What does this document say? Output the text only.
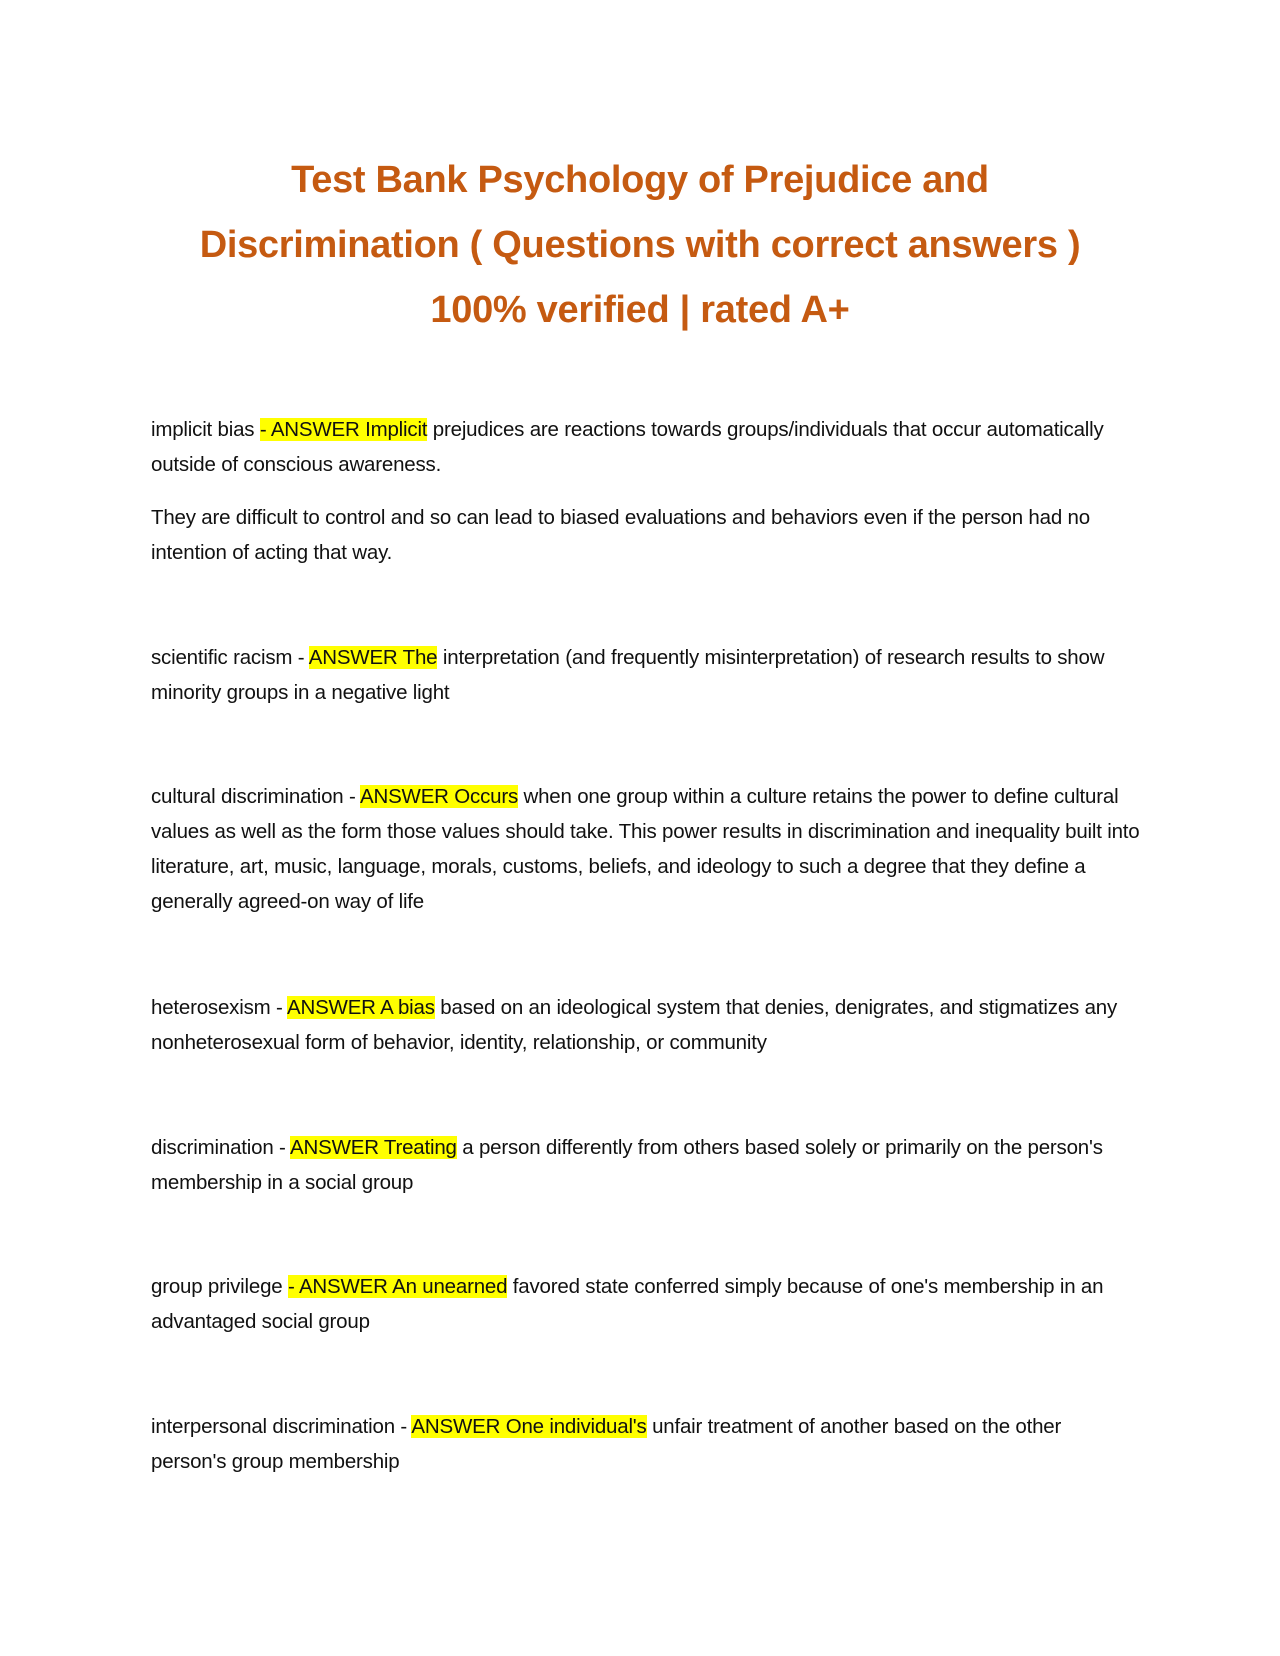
Test Bank Psychology of Prejudice and
Discrimination ( Questions with correct answers )
100% verified | rated A+

implicit bias - ANSWER Implicit prejudices are reactions towards groups/individuals that occur automatically outside of conscious awareness.

They are difficult to control and so can lead to biased evaluations and behaviors even if the person had no intention of acting that way.

scientific racism - ANSWER The interpretation (and frequently misinterpretation) of research results to show minority groups in a negative light

cultural discrimination - ANSWER Occurs when one group within a culture retains the power to define cultural values as well as the form those values should take. This power results in discrimination and inequality built into literature, art, music, language, morals, customs, beliefs, and ideology to such a degree that they define a generally agreed-on way of life

heterosexism - ANSWER A bias based on an ideological system that denies, denigrates, and stigmatizes any nonheterosexual form of behavior, identity, relationship, or community

discrimination - ANSWER Treating a person differently from others based solely or primarily on the person's membership in a social group

group privilege - ANSWER An unearned favored state conferred simply because of one's membership in an advantaged social group

interpersonal discrimination - ANSWER One individual's unfair treatment of another based on the other person's group membership
